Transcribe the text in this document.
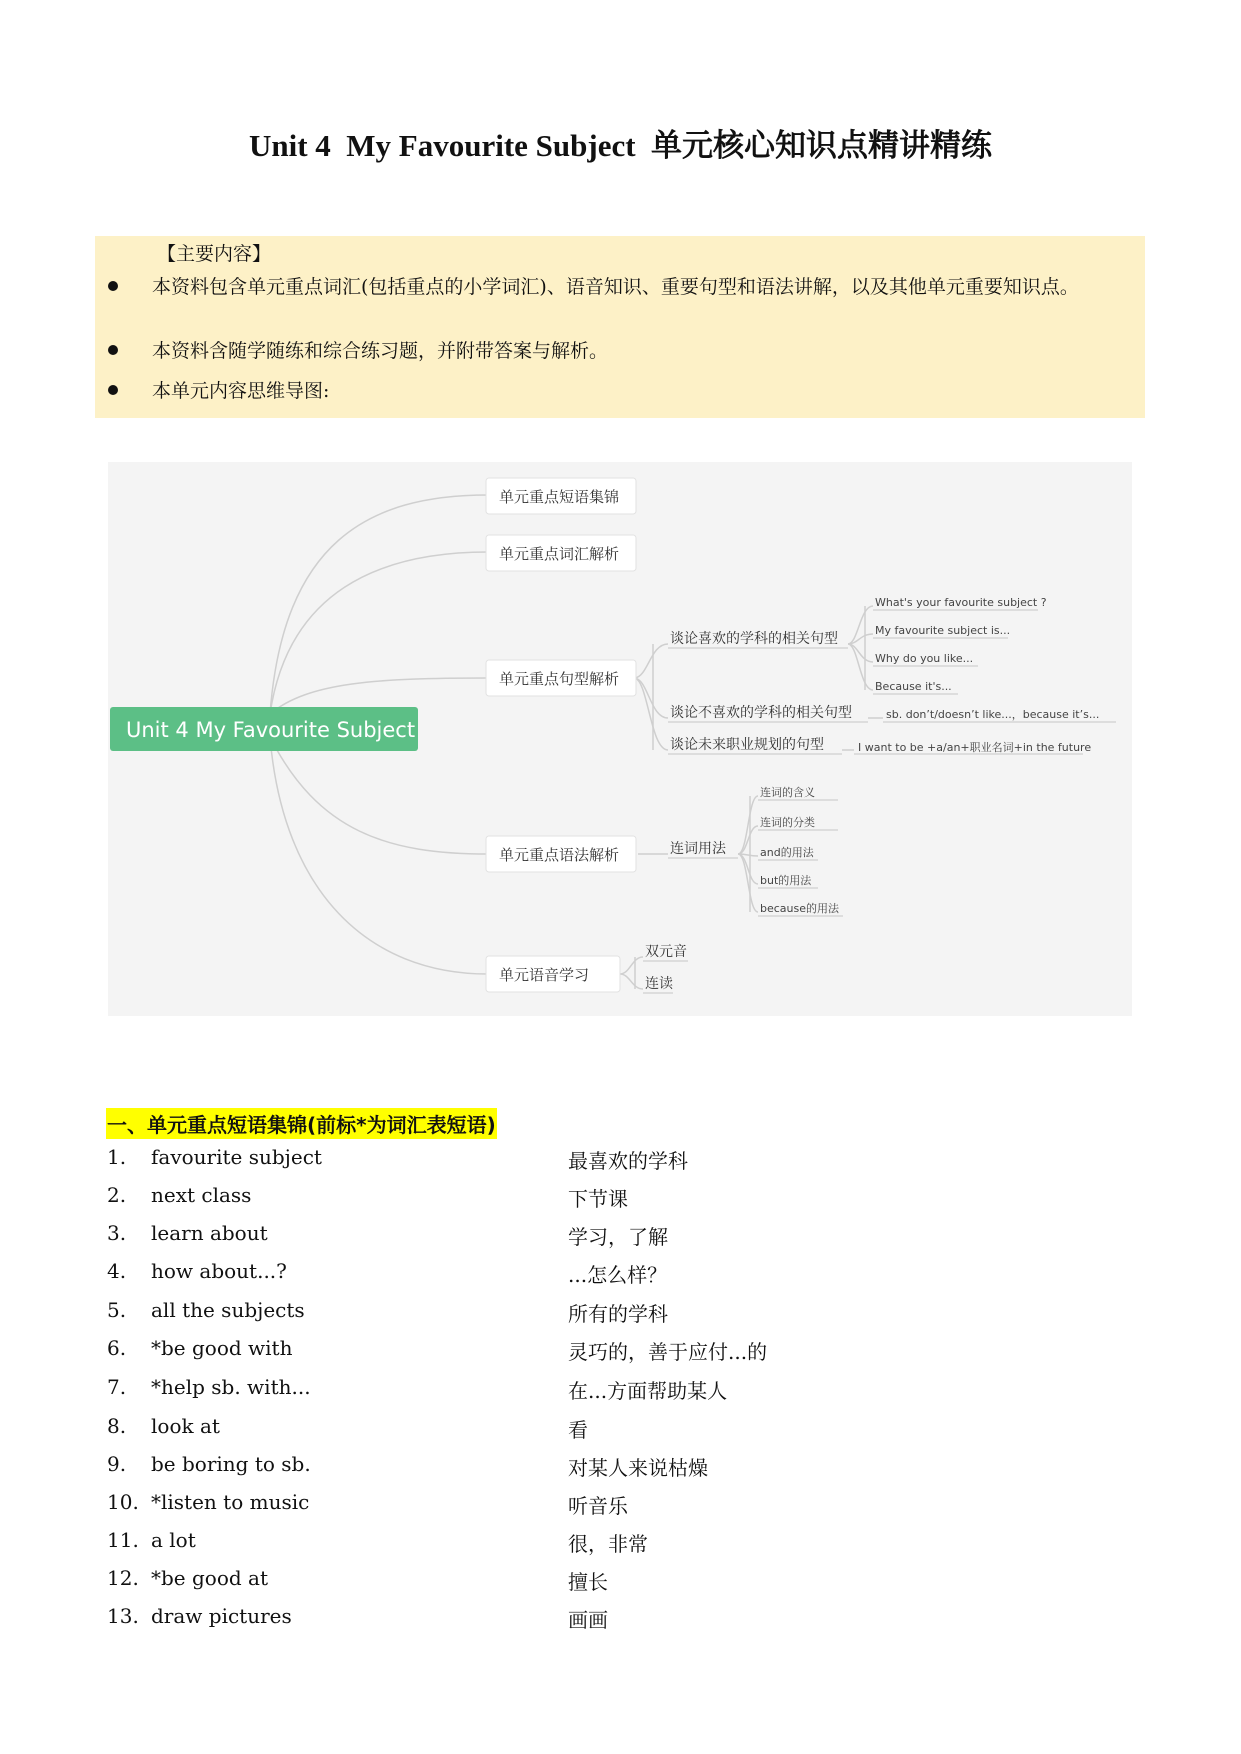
Unit 4  My Favourite Subject  单元核心知识点精讲精练
【主要内容】
本资料包含单元重点词汇(包括重点的小学词汇)、语音知识、重要句型和语法讲解，以及其他单元重要知识点。
本资料含随学随练和综合练习题，并附带答案与解析。
本单元内容思维导图:
Unit 4 My Favourite Subject
单元重点短语集锦
单元重点词汇解析
单元重点句型解析
单元重点语法解析
单元语音学习
谈论喜欢的学科的相关句型
谈论不喜欢的学科的相关句型
谈论未来职业规划的句型
连词用法
双元音
连读
What's your favourite subject ?
My favourite subject is...
Why do you like...
Because it's...
sb. don’t/doesn’t like...，because it’s...
I want to be +a/an+职业名词+in the future
连词的含义
连词的分类
and的用法
but的用法
because的用法
一、单元重点短语集锦(前标*为词汇表短语)
1. favourite subject	最喜欢的学科
2. next class	下节课
3. learn about	学习，了解
4. how about...?	...怎么样？
5. all the subjects	所有的学科
6. *be good with	灵巧的，善于应付...的
7. *help sb. with...	在...方面帮助某人
8. look at	看
9. be boring to sb.	对某人来说枯燥
10. *listen to music	听音乐
11. a lot	很，非常
12. *be good at	擅长
13. draw pictures	画画
